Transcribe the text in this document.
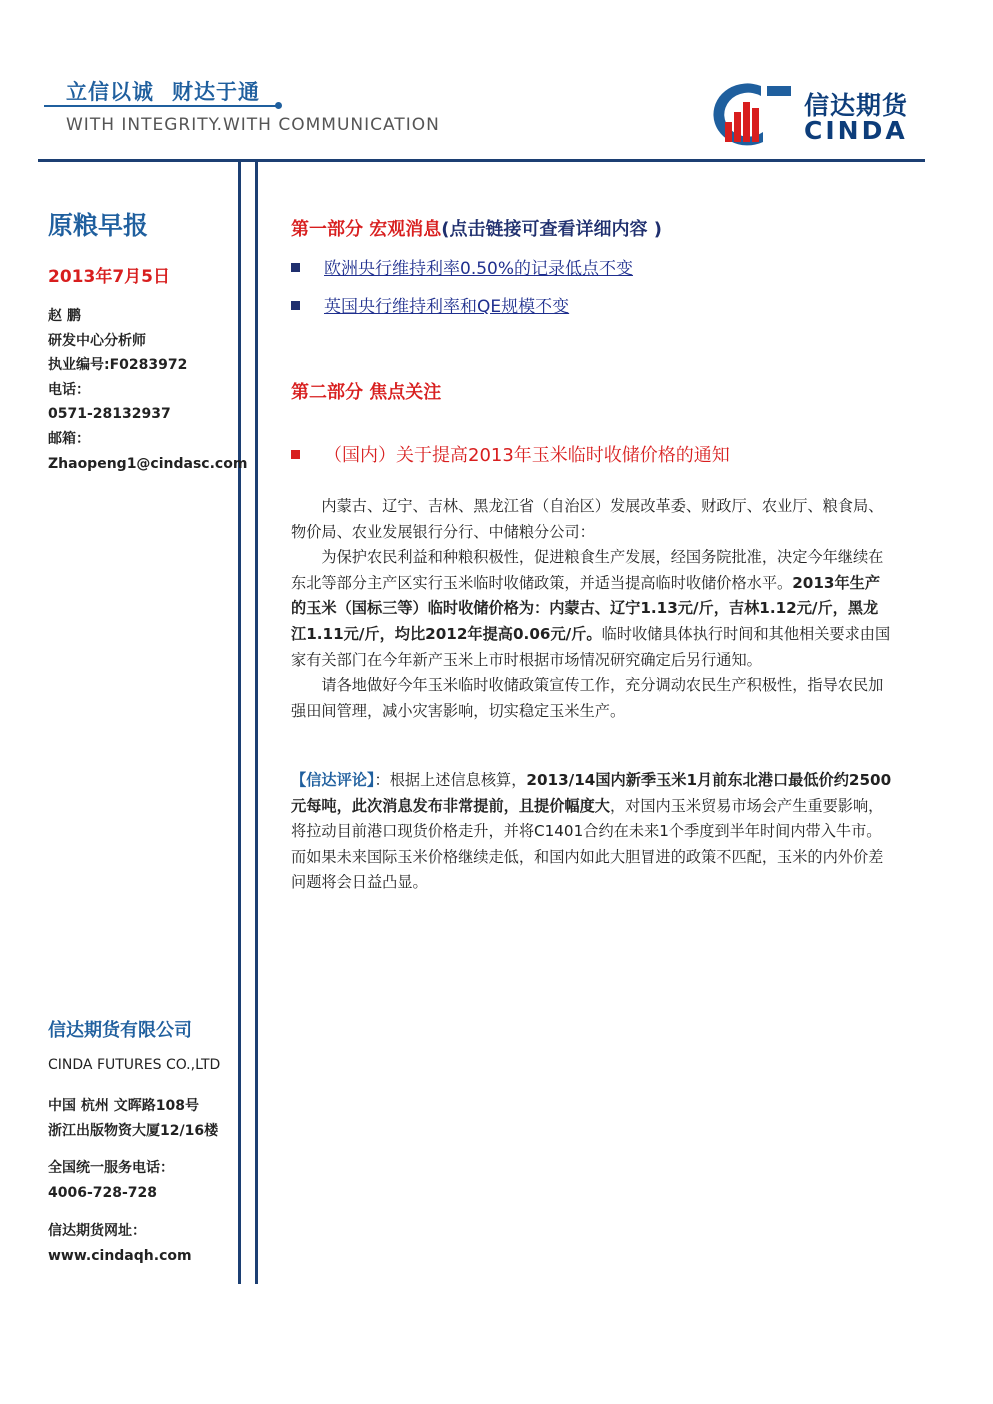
立信以诚 财达于通
WITH INTEGRITY.WITH COMMUNICATION
信达期货
CINDA
原粮早报
2013年7月5日
赵 鹏
研发中心分析师
执业编号:F0283972
电话：
0571-28132937
邮箱：
Zhaopeng1@cindasc.com
信达期货有限公司
CINDA FUTURES CO.,LTD
中国 杭州 文晖路108号
浙江出版物资大厦12/16楼
全国统一服务电话：
4006-728-728
信达期货网址：
www.cindaqh.com
第一部分 宏观消息(点击链接可查看详细内容 )
欧洲央行维持利率0.50%的记录低点不变
英国央行维持利率和QE规模不变
第二部分 焦点关注
（国内）关于提高2013年玉米临时收储价格的通知

内蒙古、辽宁、吉林、黑龙江省（自治区）发展改革委、财政厅、农业厅、粮食局、物价局、农业发展银行分行、中储粮分公司：

为保护农民利益和种粮积极性，促进粮食生产发展，经国务院批准，决定今年继续在东北等部分主产区实行玉米临时收储政策，并适当提高临时收储价格水平。2013年生产的玉米（国标三等）临时收储价格为：内蒙古、辽宁1.13元/斤，吉林1.12元/斤，黑龙江1.11元/斤，均比2012年提高0.06元/斤。临时收储具体执行时间和其他相关要求由国家有关部门在今年新产玉米上市时根据市场情况研究确定后另行通知。

请各地做好今年玉米临时收储政策宣传工作，充分调动农民生产积极性，指导农民加强田间管理，减小灾害影响，切实稳定玉米生产。

【信达评论】：根据上述信息核算，2013/14国内新季玉米1月前东北港口最低价约2500元每吨，此次消息发布非常提前，且提价幅度大，对国内玉米贸易市场会产生重要影响，将拉动目前港口现货价格走升，并将C1401合约在未来1个季度到半年时间内带入牛市。而如果未来国际玉米价格继续走低，和国内如此大胆冒进的政策不匹配，玉米的内外价差问题将会日益凸显。
